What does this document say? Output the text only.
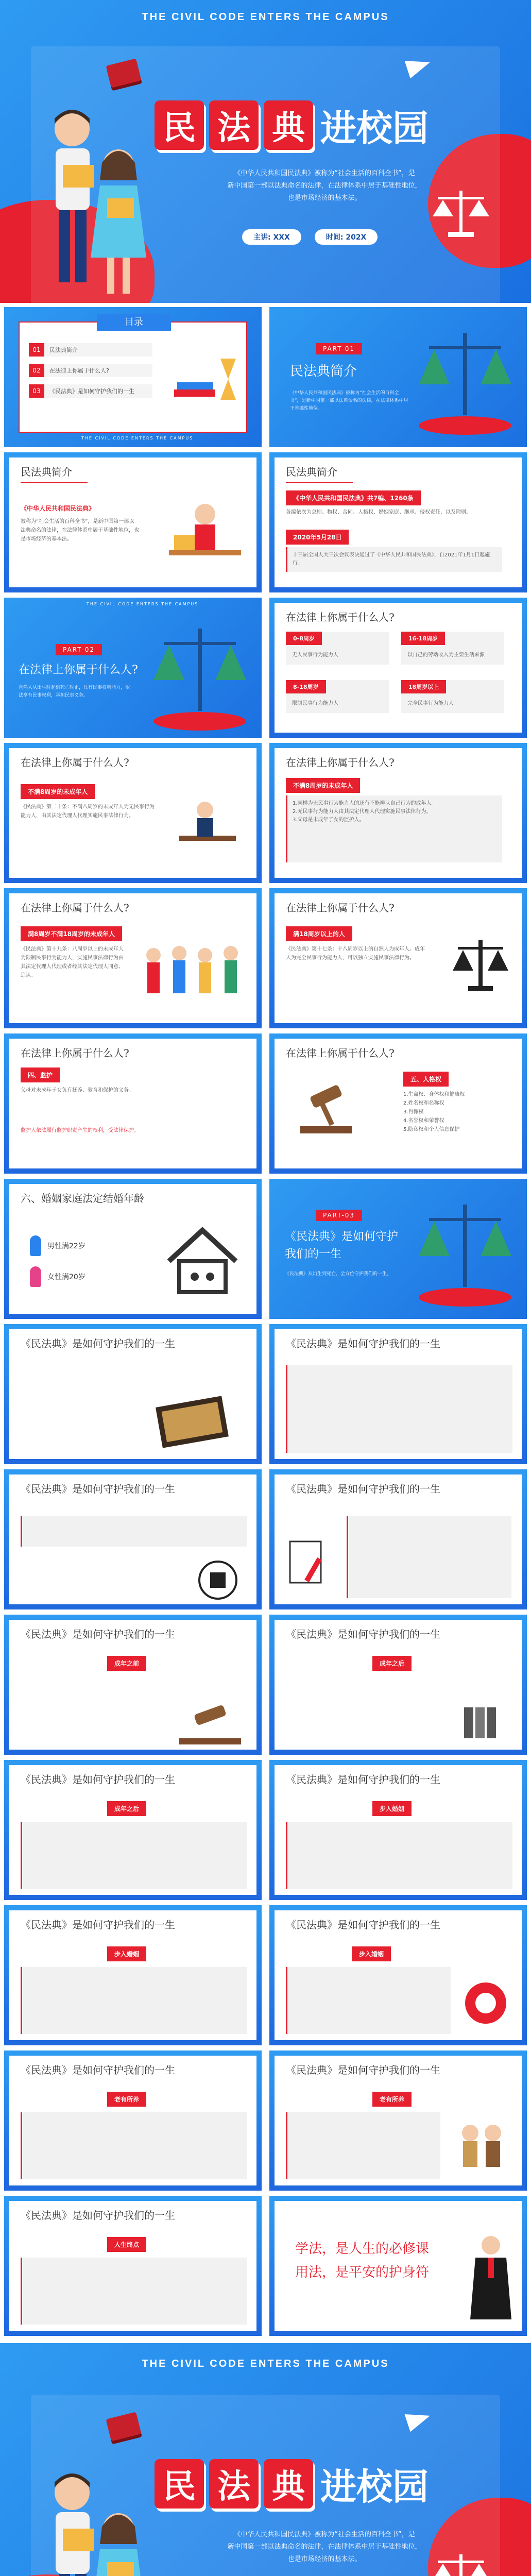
THE CIVIL CODE ENTERS THE CAMPUS
民 法 典 进校园
《中华人民共和国民法典》被称为“社会生活的百科全书”，是
新中国第一部以法典命名的法律，在法律体系中居于基础性地位，
也是市场经济的基本法。
主讲: XXX	时间: 202X
目录
01	民法典简介
02	在法律上你属于什么人?
03	《民法典》是如何守护我们的一生
THE CIVIL CODE ENTERS THE CAMPUS
PART-01
民法典简介
《中华人民共和国民法典》被称为“社会生活的百科全书”，是新中国第一部以法典命名的法律，在法律体系中居于基础性地位。
民法典简介
《中华人民共和国民法典》
被称为“社会生活的百科全书”，是新中国第一部以法典命名的法律，在法律体系中居于基础性地位，也是市场经济的基本法。
民法典简介
《中华人民共和国民法典》共7编、1260条
各编依次为总则、物权、合同、人格权、婚姻家庭、继承、侵权责任，以及附则。
2020年5月28日
十三届全国人大三次会议表决通过了《中华人民共和国民法典》，自2021年1月1日起施行。
PART-02
在法律上你属于什么人?
自然人从出生时起到死亡时止，具有民事权利能力，依法享有民事权利，承担民事义务。
THE CIVIL CODE ENTERS THE CAMPUS
在法律上你属于什么人?
0-8周岁
无人民事行为能力人
16-18周岁
以自己的劳动收入为主要生活来源
8-18周岁
限制民事行为能力人
18周岁以上
完全民事行为能力人
在法律上你属于什么人?
不满8周岁的未成年人
《民法典》第二十条：不满八周岁的未成年人为无民事行为能力人，由其法定代理人代理实施民事法律行为。
在法律上你属于什么人?
不满8周岁的未成年人
1.同样为无民事行为能力人的还有不能辨认自己行为的成年人。
2.无民事行为能力人由其法定代理人代理实施民事法律行为。
3.父母是未成年子女的监护人。
在法律上你属于什么人?
满8周岁不满18周岁的未成年人
《民法典》第十九条：八周岁以上的未成年人为限制民事行为能力人，实施民事法律行为由其法定代理人代理或者经其法定代理人同意、追认。
在法律上你属于什么人?
满18周岁以上的人
《民法典》第十七条：十八周岁以上的自然人为成年人。成年人为完全民事行为能力人，可以独立实施民事法律行为。
在法律上你属于什么人?
四、监护
父母对未成年子女负有抚养、教育和保护的义务。
监护人依法履行监护职责产生的权利，受法律保护。
在法律上你属于什么人?
五、人格权
1.生命权、身体权和健康权
2.姓名权和名称权
3.肖像权
4.名誉权和荣誉权
5.隐私权和个人信息保护
六、婚姻家庭法定结婚年龄
男性满22岁
女性满20岁
PART-03
《民法典》是如何守护
我们的一生
《民法典》从出生到死亡，全方位守护我们的一生。
《民法典》是如何守护我们的一生	《民法典》是如何守护我们的一生
《民法典》是如何守护我们的一生	《民法典》是如何守护我们的一生
《民法典》是如何守护我们的一生
成年之前
《民法典》是如何守护我们的一生
成年之后
《民法典》是如何守护我们的一生
成年之后
《民法典》是如何守护我们的一生
步入婚姻
《民法典》是如何守护我们的一生
步入婚姻
《民法典》是如何守护我们的一生
步入婚姻
《民法典》是如何守护我们的一生
老有所养
《民法典》是如何守护我们的一生
老有所养
《民法典》是如何守护我们的一生
人生终点	学法，是人生的必修课
用法，是平安的护身符
THE CIVIL CODE ENTERS THE CAMPUS
民 法 典 进校园
《中华人民共和国民法典》被称为“社会生活的百科全书”，是
新中国第一部以法典命名的法律，在法律体系中居于基础性地位，
也是市场经济的基本法。
